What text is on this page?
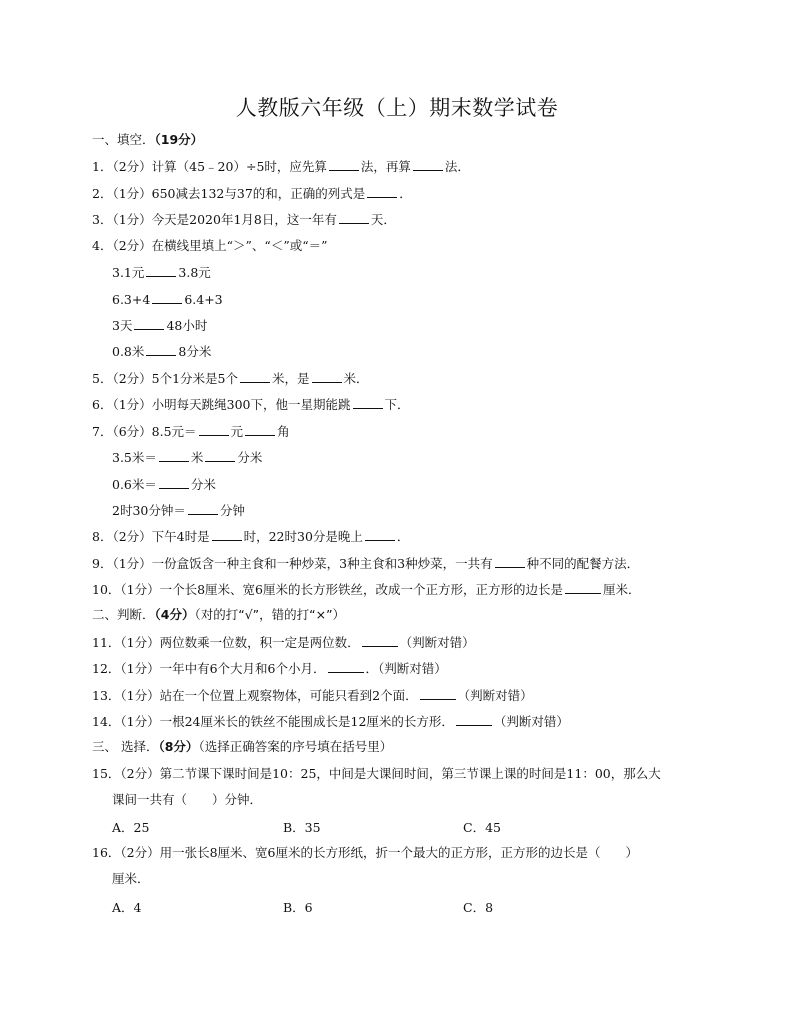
人教版六年级（上）期末数学试卷
一、填空．（19分）
1．（2分）计算（45﹣20）÷5时，应先算	法，再算	法．
2．（1分）650减去132与37的和，正确的列式是	．
3．（1分）今天是2020年1月8日，这一年有	天．
4．（2分）在横线里填上“＞”、“＜”或“＝”
3.1元	3.8元
6.3+4	6.4+3
3天	48小时
0.8米	8分米
5．（2分）5个1分米是5个	米，是	米．
6．（1分）小明每天跳绳300下，他一星期能跳	下．
7．（6分）8.5元＝	元	角
3.5米＝	米	分米
0.6米＝	分米
2时30分钟＝	分钟
8．（2分）下午4时是	时，22时30分是晚上	．
9．（1分）一份盒饭含一种主食和一种炒菜，3种主食和3种炒菜，一共有	种不同的配餐方法．
10．（1分）一个长8厘米、宽6厘米的长方形铁丝，改成一个正方形，正方形的边长是	厘米．
二、判断．（4分）（对的打“√”，错的打“×”）
11．（1分）两位数乘一位数，积一定是两位数．	（判断对错）
12．（1分）一年中有6个大月和6个小月．	．（判断对错）
13．（1分）站在一个位置上观察物体，可能只看到2个面．	（判断对错）
14．（1分）一根24厘米长的铁丝不能围成长是12厘米的长方形．	（判断对错）
三、 选择．（8分）（选择正确答案的序号填在括号里）
15．（2分）第二节课下课时间是10：25，中间是大课间时间，第三节课上课的时间是11：00，那么大
课间一共有（　　）分钟．
A．25	B．35	C．45
16．（2分）用一张长8厘米、宽6厘米的长方形纸，折一个最大的正方形，正方形的边长是（　　）
厘米．
A．4	B．6	C．8
